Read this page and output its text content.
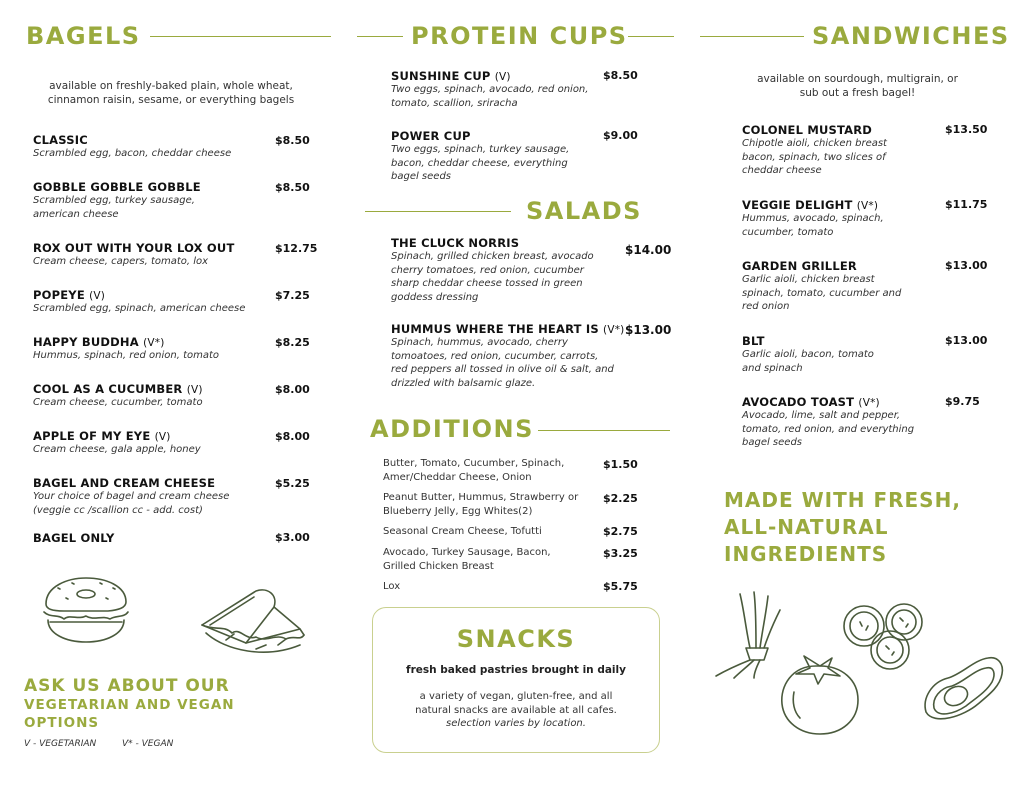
BAGELS
available on freshly-baked plain, whole wheat, cinnamon raisin, sesame, or everything bagels
CLASSIC
Scrambled egg, bacon, cheddar cheese
$8.50
GOBBLE GOBBLE GOBBLE
Scrambled egg, turkey sausage, american cheese
$8.50
ROX OUT WITH YOUR LOX OUT
Cream cheese, capers, tomato, lox
$12.75
POPEYE (V)
Scrambled egg, spinach, american cheese
$7.25
HAPPY BUDDHA (V*)
Hummus, spinach, red onion, tomato
$8.25
COOL AS A CUCUMBER (V)
Cream cheese, cucumber, tomato
$8.00
APPLE OF MY EYE (V)
Cream cheese, gala apple, honey
$8.00
BAGEL AND CREAM CHEESE
Your choice of bagel and cream cheese (veggie cc /scallion cc - add. cost)
$5.25
BAGEL ONLY	$3.00
ASK US ABOUT OUR
VEGETARIAN AND VEGAN
OPTIONS
V - VEGETARIAN	V* - VEGAN
PROTEIN CUPS
SUNSHINE CUP (V)
Two eggs, spinach, avocado, red onion, tomato, scallion, sriracha
$8.50
POWER CUP
Two eggs, spinach, turkey sausage, bacon, cheddar cheese, everything bagel seeds
$9.00
SALADS
THE CLUCK NORRIS
Spinach, grilled chicken breast, avocado cherry tomatoes, red onion, cucumber sharp cheddar cheese tossed in green goddess dressing
$14.00
HUMMUS WHERE THE HEART IS (V*)
Spinach, hummus, avocado, cherry tomoatoes, red onion, cucumber, carrots, red peppers all tossed in olive oil & salt, and drizzled with balsamic glaze.
$13.00
ADDITIONS
Butter, Tomato, Cucumber, Spinach, Amer/Cheddar Cheese, Onion
$1.50
Peanut Butter, Hummus, Strawberry or Blueberry Jelly, Egg Whites(2)
$2.25
Seasonal Cream Cheese, Tofutti	$2.75
Avocado, Turkey Sausage, Bacon, Grilled Chicken Breast
$3.25
Lox	$5.75
SNACKS
fresh baked pastries brought in daily
a variety of vegan, gluten-free, and all natural snacks are available at all cafes.
selection varies by location.
SANDWICHES
available on sourdough, multigrain, or sub out a fresh bagel!
COLONEL MUSTARD
Chipotle aioli, chicken breast bacon, spinach, two slices of cheddar cheese
$13.50
VEGGIE DELIGHT (V*)
Hummus, avocado, spinach, cucumber, tomato
$11.75
GARDEN GRILLER
Garlic aioli, chicken breast spinach, tomato, cucumber and red onion
$13.00
BLT
Garlic aioli, bacon, tomato and spinach
$13.00
AVOCADO TOAST (V*)
Avocado, lime, salt and pepper, tomato, red onion, and everything bagel seeds
$9.75
MADE WITH FRESH,
ALL-NATURAL
INGREDIENTS
